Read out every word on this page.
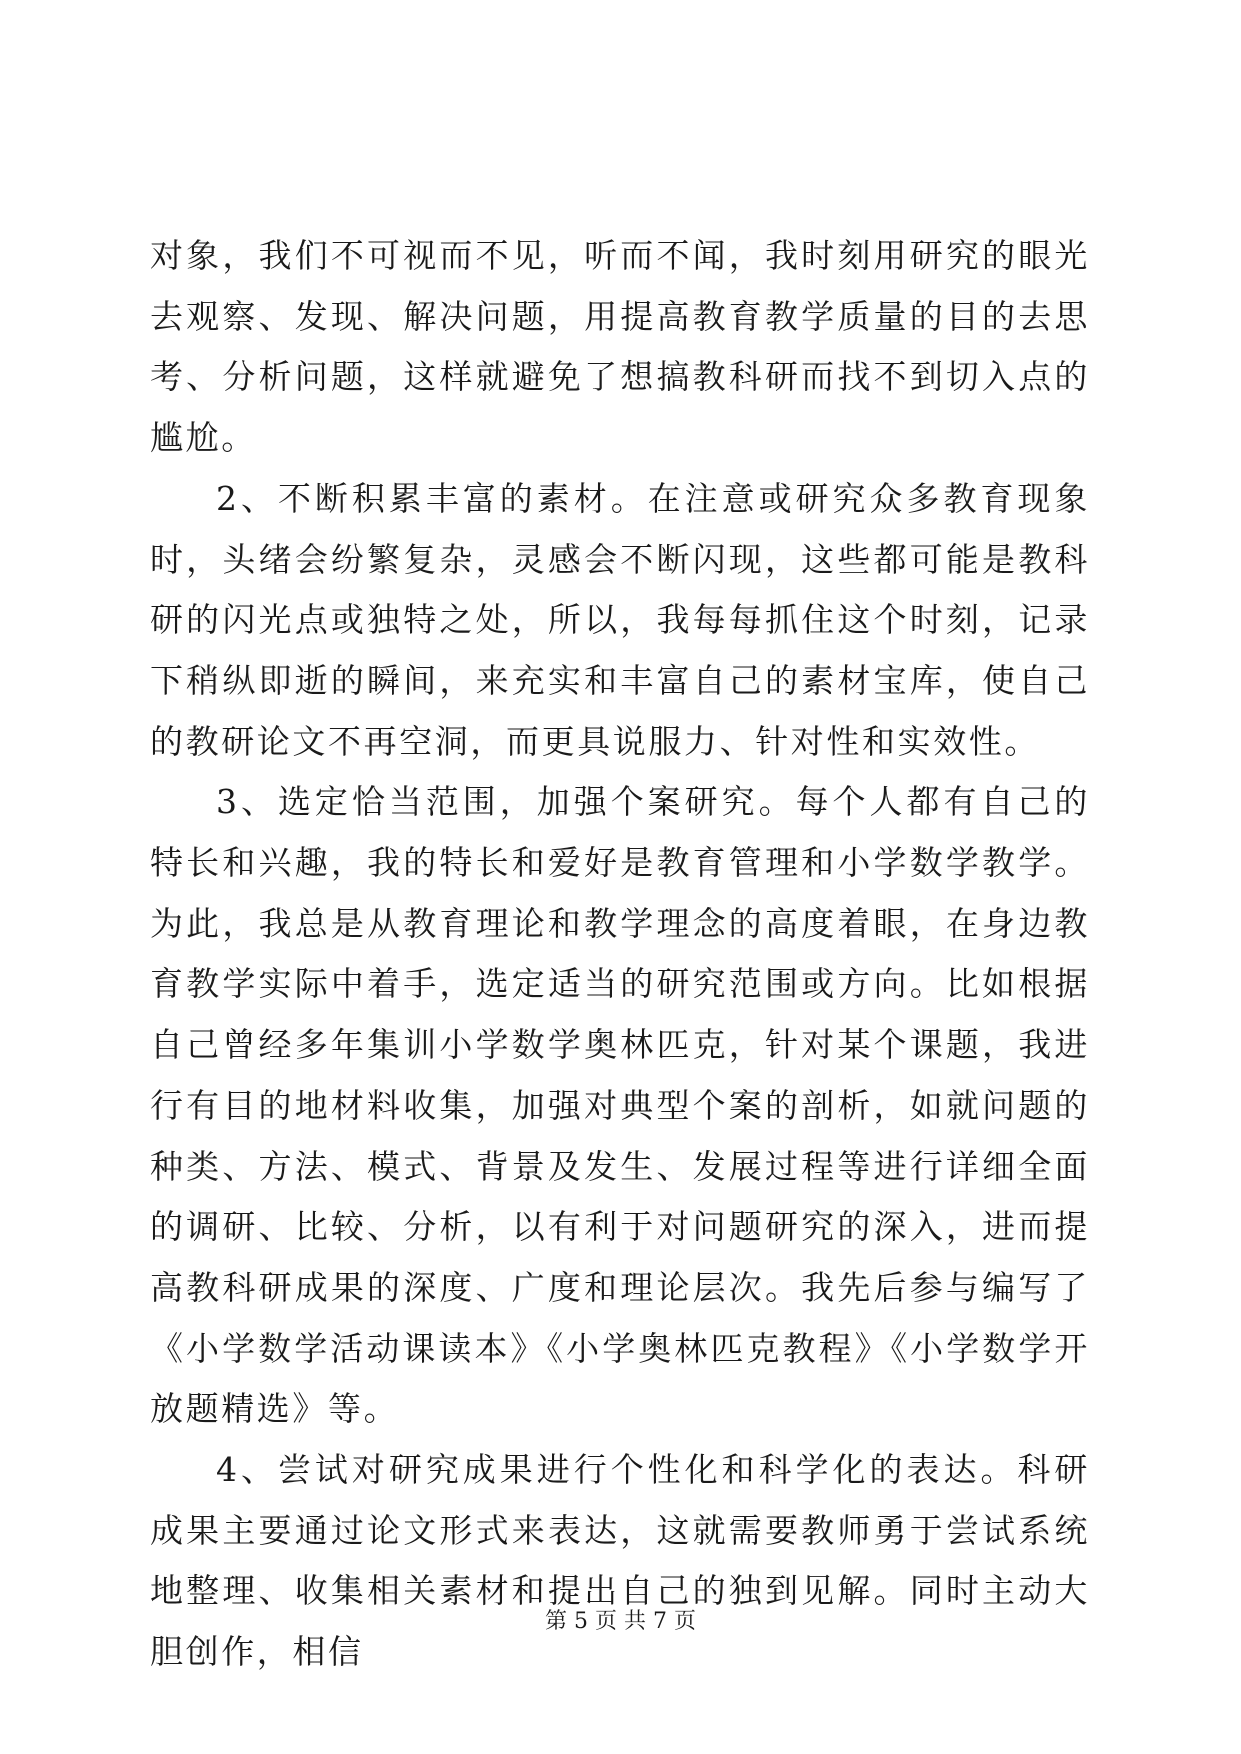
对象，我们不可视而不见，听而不闻，我时刻用研究的眼光去观察、发现、解决问题，用提高教育教学质量的目的去思考、分析问题，这样就避免了想搞教科研而找不到切入点的尴尬。

2、不断积累丰富的素材。在注意或研究众多教育现象时，头绪会纷繁复杂，灵感会不断闪现，这些都可能是教科研的闪光点或独特之处，所以，我每每抓住这个时刻，记录下稍纵即逝的瞬间，来充实和丰富自己的素材宝库，使自己的教研论文不再空洞，而更具说服力、针对性和实效性。

3、选定恰当范围，加强个案研究。每个人都有自己的特长和兴趣，我的特长和爱好是教育管理和小学数学教学。为此，我总是从教育理论和教学理念的高度着眼，在身边教育教学实际中着手，选定适当的研究范围或方向。比如根据自己曾经多年集训小学数学奥林匹克，针对某个课题，我进行有目的地材料收集，加强对典型个案的剖析，如就问题的种类、方法、模式、背景及发生、发展过程等进行详细全面的调研、比较、分析，以有利于对问题研究的深入，进而提高教科研成果的深度、广度和理论层次。我先后参与编写了《小学数学活动课读本》《小学奥林匹克教程》《小学数学开放题精选》等。

4、尝试对研究成果进行个性化和科学化的表达。科研成果主要通过论文形式来表达，这就需要教师勇于尝试系统地整理、收集相关素材和提出自己的独到见解。同时主动大胆创作，相信

第 5 页 共 7 页
